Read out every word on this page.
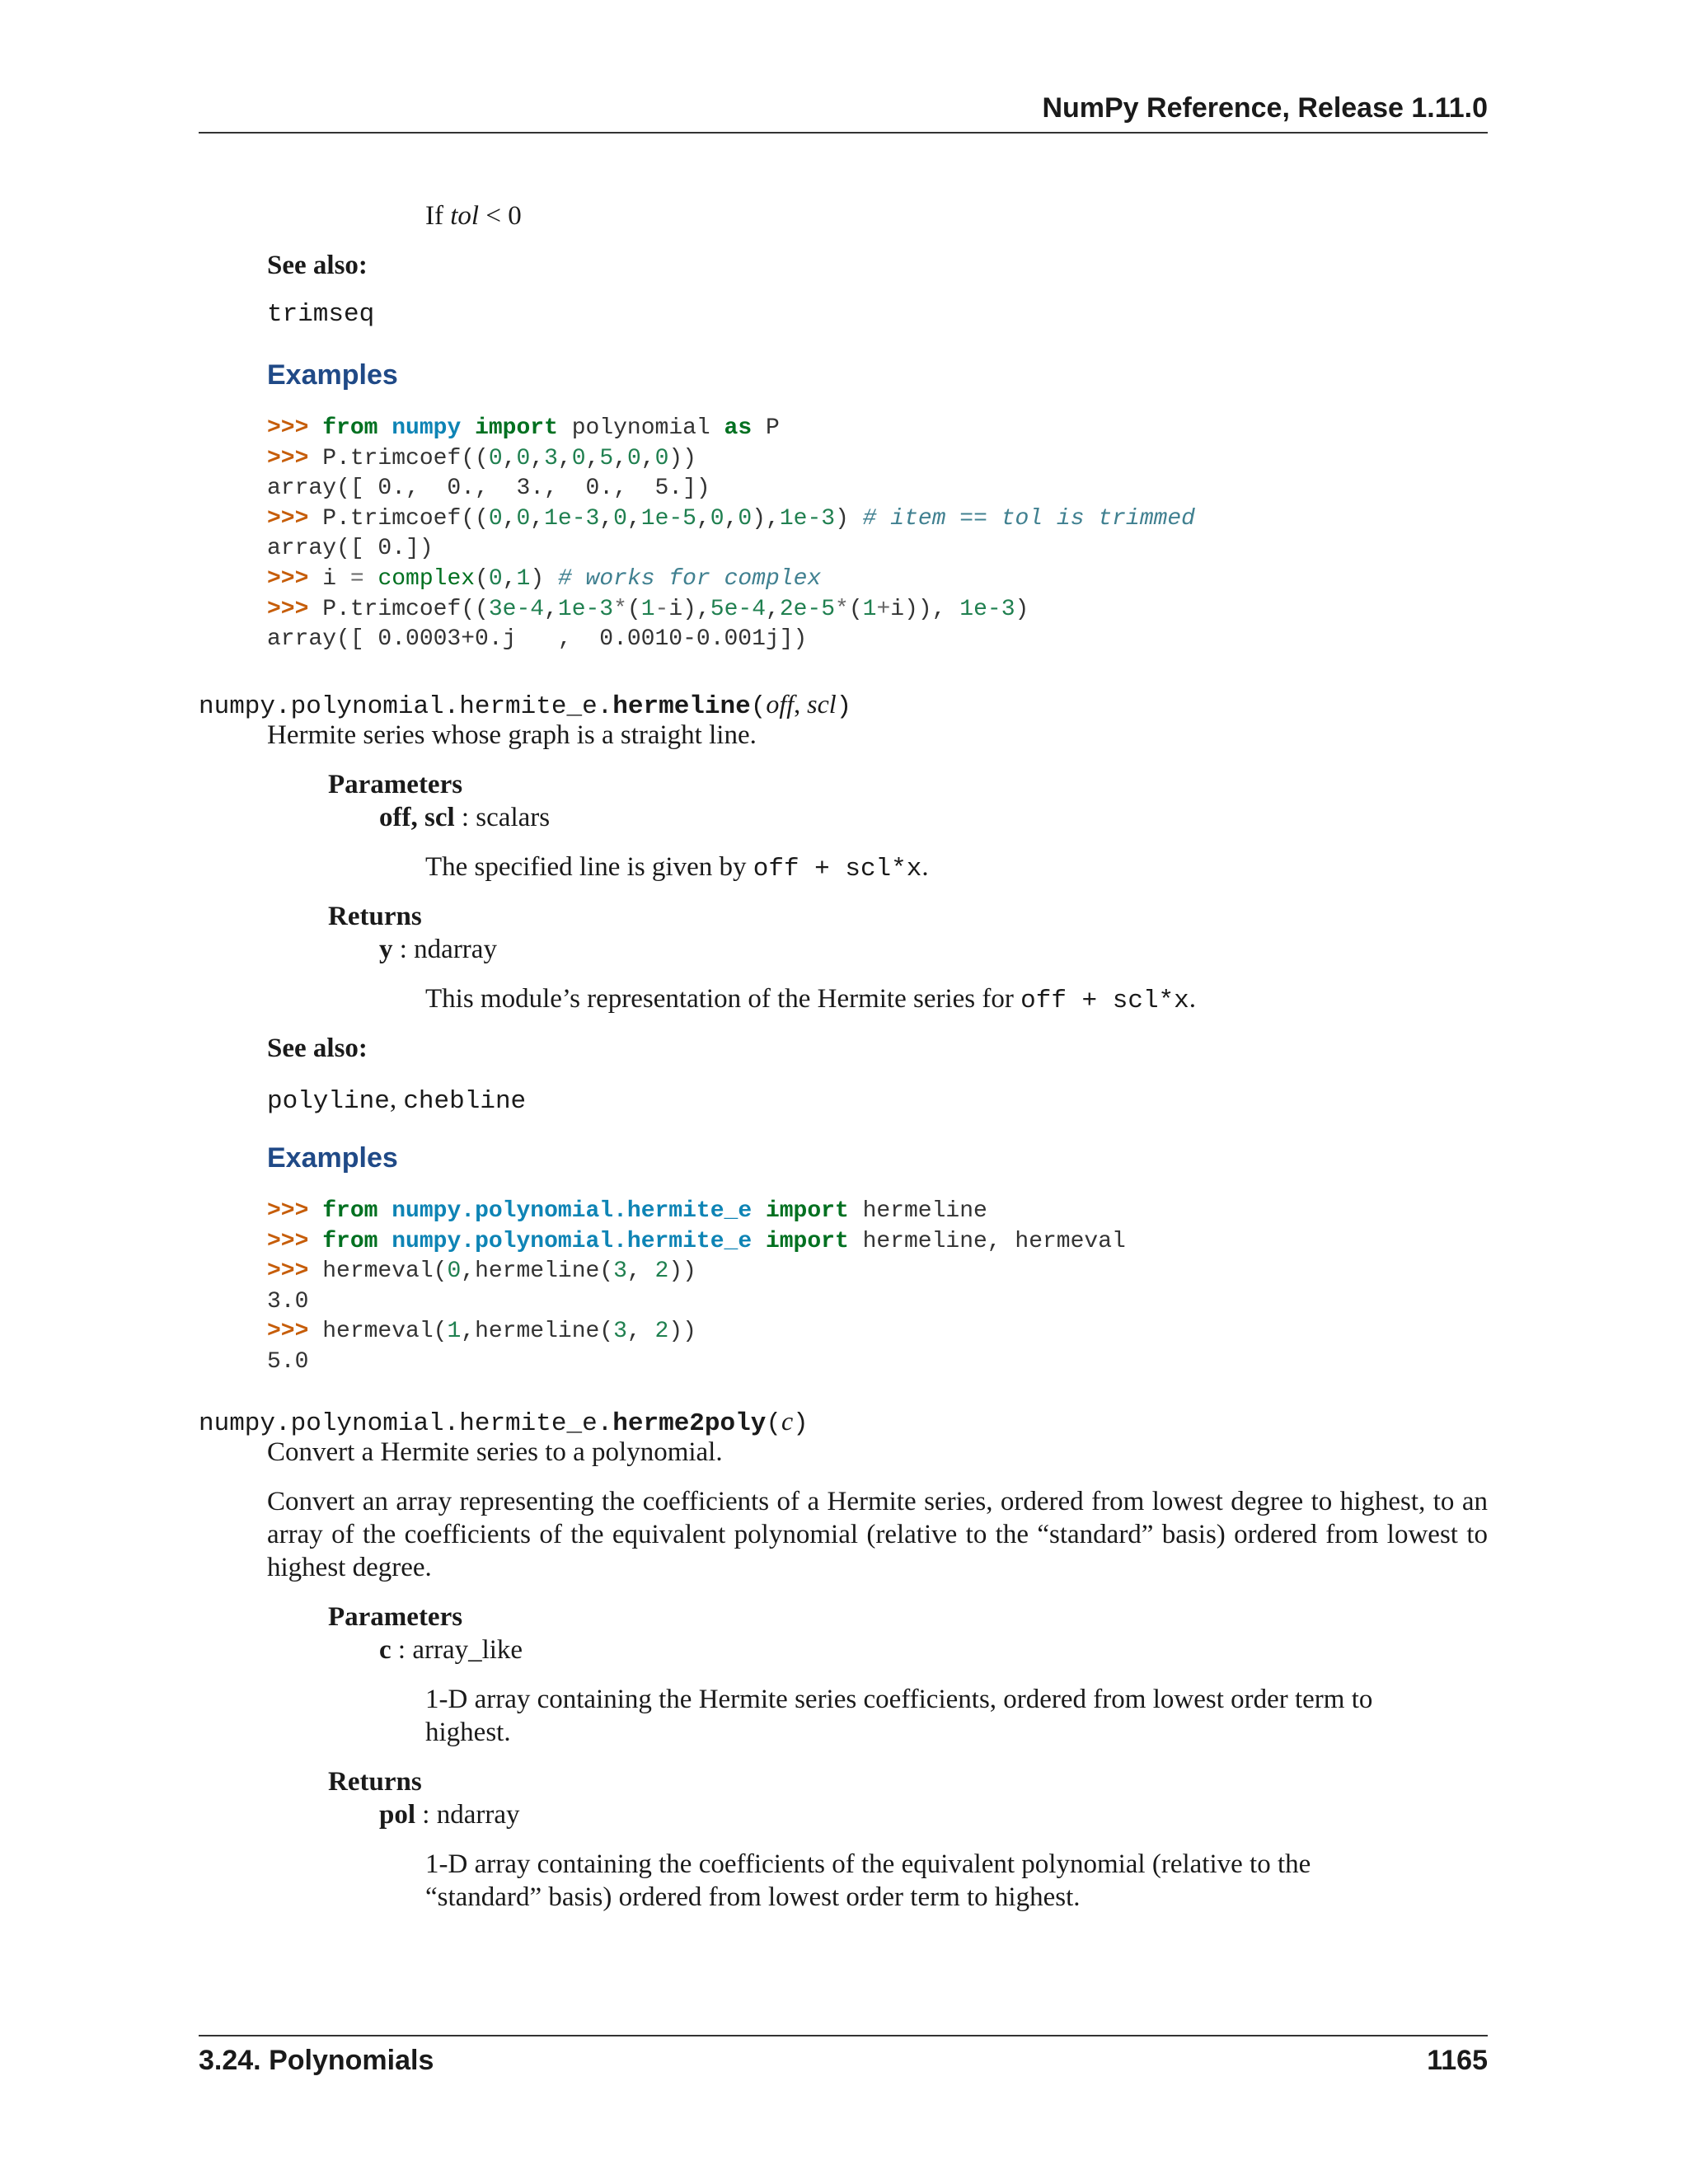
NumPy Reference, Release 1.11.0
If tol < 0
See also:
trimseq
Examples
>>> from numpy import polynomial as P
>>> P.trimcoef((0,0,3,0,5,0,0))
array([ 0.,  0.,  3.,  0.,  5.])
>>> P.trimcoef((0,0,1e-3,0,1e-5,0,0),1e-3) # item == tol is trimmed
array([ 0.])
>>> i = complex(0,1) # works for complex
>>> P.trimcoef((3e-4,1e-3*(1-i),5e-4,2e-5*(1+i)), 1e-3)
array([ 0.0003+0.j   ,  0.0010-0.001j])
numpy.polynomial.hermite_e.hermeline(off, scl)
Hermite series whose graph is a straight line.
Parameters
off, scl : scalars
The specified line is given by off + scl*x.
Returns
y : ndarray
This module’s representation of the Hermite series for off + scl*x.
See also:
polyline, chebline
Examples
>>> from numpy.polynomial.hermite_e import hermeline
>>> from numpy.polynomial.hermite_e import hermeline, hermeval
>>> hermeval(0,hermeline(3, 2))
3.0
>>> hermeval(1,hermeline(3, 2))
5.0
numpy.polynomial.hermite_e.herme2poly(c)
Convert a Hermite series to a polynomial.
Convert an array representing the coefficients of a Hermite series, ordered from lowest degree to highest, to an array of the coefficients of the equivalent polynomial (relative to the “standard” basis) ordered from lowest to highest degree.
Parameters
c : array_like
1-D array containing the Hermite series coefficients, ordered from lowest order term to highest.
Returns
pol : ndarray
1-D array containing the coefficients of the equivalent polynomial (relative to the “standard” basis) ordered from lowest order term to highest.
3.24. Polynomials	1165
